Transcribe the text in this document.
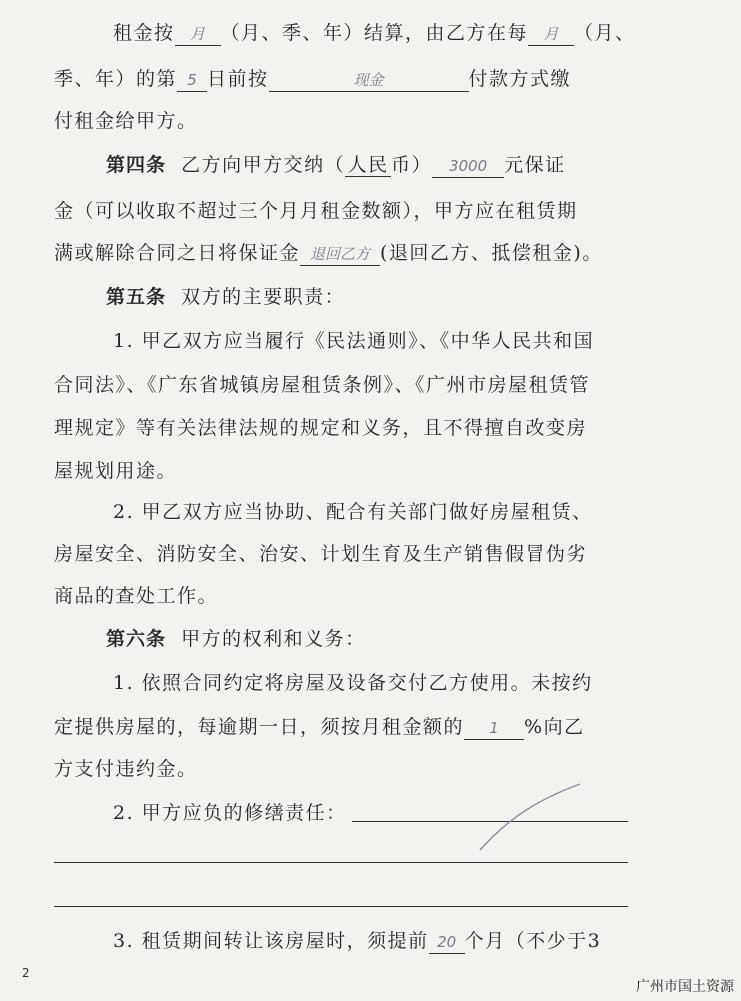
租金按 月 （月、季、年）结算，由乙方在每 月 （月、
季、年）的第 5 日前按	现金	付款方式缴
付租金给甲方。
第四条 乙方向甲方交纳（ 人民 币） 3000 元保证
金（可以收取不超过三个月月租金数额），甲方应在租赁期
满或解除合同之日将保证金 退回乙方 (退回乙方、抵偿租金)。
第五条 双方的主要职责：
1. 甲乙双方应当履行《民法通则》、《中华人民共和国
合同法》、《广东省城镇房屋租赁条例》、《广州市房屋租赁管
理规定》等有关法律法规的规定和义务，且不得擅自改变房
屋规划用途。
2. 甲乙双方应当协助、配合有关部门做好房屋租赁、
房屋安全、消防安全、治安、计划生育及生产销售假冒伪劣
商品的查处工作。
第六条 甲方的权利和义务：
1. 依照合同约定将房屋及设备交付乙方使用。未按约
定提供房屋的，每逾期一日，须按月租金额的 1 %向乙
方支付违约金。
2. 甲方应负的修缮责任：
3. 租赁期间转让该房屋时，须提前 20 个月（不少于3
2
广州市国土资源
